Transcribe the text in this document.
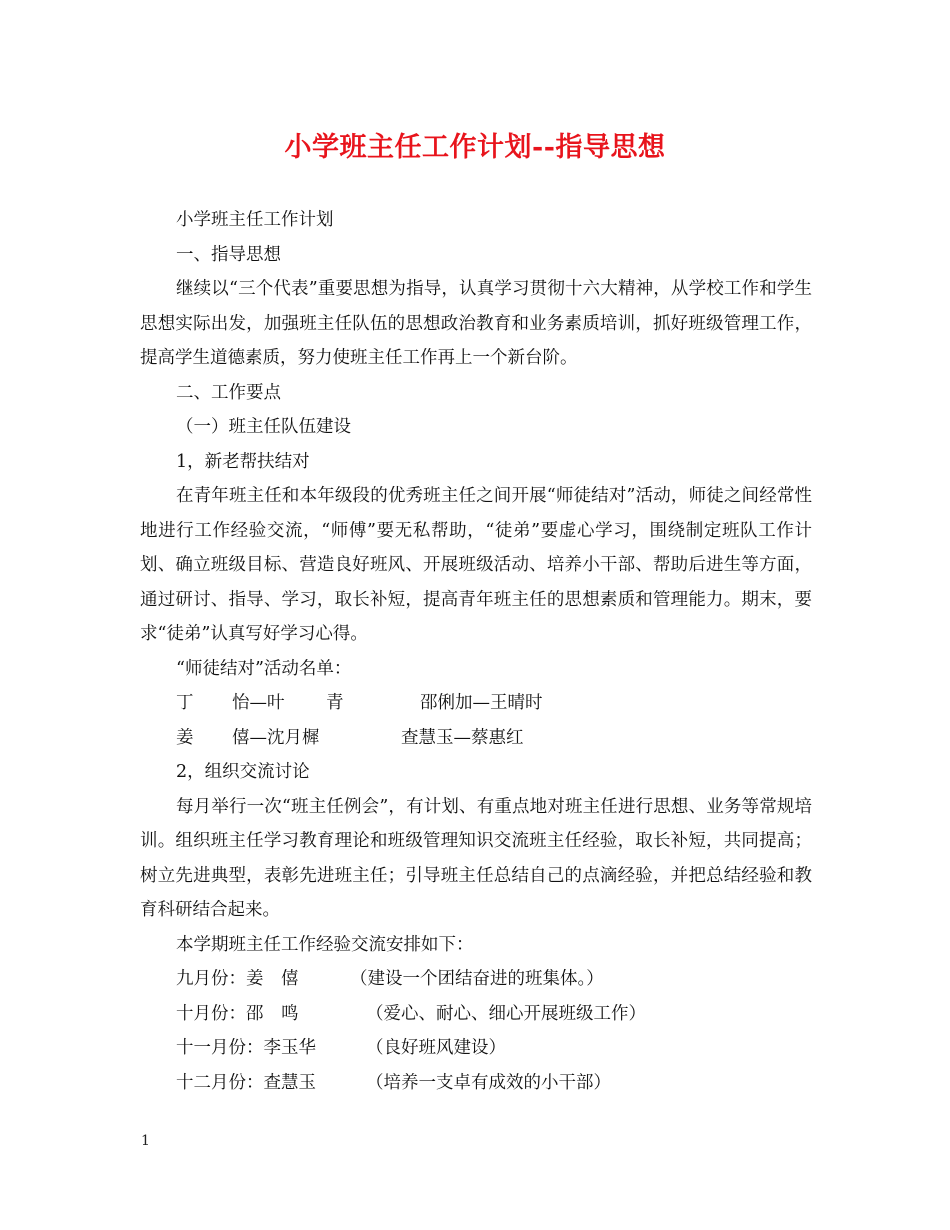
小学班主任工作计划--指导思想

小学班主任工作计划

一、指导思想

继续以“三个代表”重要思想为指导，认真学习贯彻十六大精神，从学校工作和学生思想实际出发，加强班主任队伍的思想政治教育和业务素质培训，抓好班级管理工作，提高学生道德素质，努力使班主任工作再上一个新台阶。

二、工作要点

（一）班主任队伍建设

1，新老帮扶结对

在青年班主任和本年级段的优秀班主任之间开展“师徒结对”活动，师徒之间经常性地进行工作经验交流，“师傅”要无私帮助，“徒弟”要虚心学习，围绕制定班队工作计划、确立班级目标、营造良好班风、开展班级活动、培养小干部、帮助后进生等方面，通过研讨、指导、学习，取长补短，提高青年班主任的思想素质和管理能力。期末，要求“徒弟”认真写好学习心得。

“师徒结对”活动名单：

丁 怡—叶 青	邵俐加—王晴时
姜 僖—沈月樨	查慧玉—蔡惠红

2，组织交流讨论

每月举行一次“班主任例会”，有计划、有重点地对班主任进行思想、业务等常规培训。组织班主任学习教育理论和班级管理知识交流班主任经验，取长补短，共同提高；树立先进典型，表彰先进班主任；引导班主任总结自己的点滴经验，并把总结经验和教育科研结合起来。

本学期班主任工作经验交流安排如下：

九月份：姜　僖	（建设一个团结奋进的班集体。）
十月份：邵　鸣	（爱心、耐心、细心开展班级工作）
十一月份：李玉华	（良好班风建设）
十二月份：查慧玉	（培养一支卓有成效的小干部）
1
